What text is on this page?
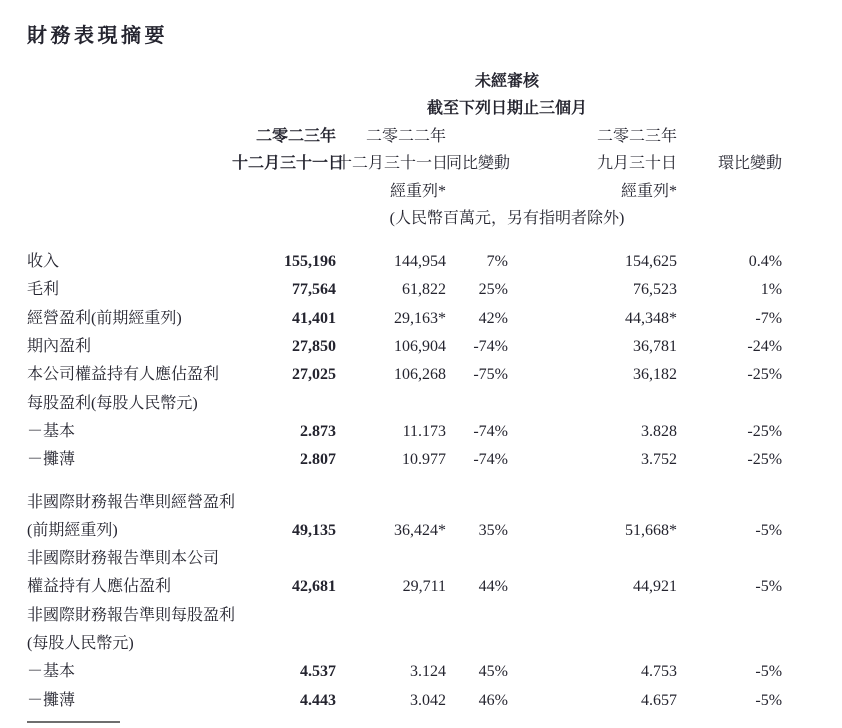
財務表現摘要
	未經審核				
	截至下列日期止三個月				
	二零二三年	二零二二年		二零二三年	
	十二月三十一日	十二月三十一日	同比變動	九月三十日	環比變動
		經重列*		經重列*	
	(人民幣百萬元，另有指明者除外)				

收入	155,196	144,954	7%	154,625	0.4%
毛利	77,564	61,822	25%	76,523	1%
經營盈利(前期經重列)	41,401	29,163*	42%	44,348*	-7%
期內盈利	27,850	106,904	-74%	36,781	-24%
本公司權益持有人應佔盈利	27,025	106,268	-75%	36,182	-25%
每股盈利(每股人民幣元)					
－基本	2.873	11.173	-74%	3.828	-25%
－攤薄	2.807	10.977	-74%	3.752	-25%

非國際財務報告準則經營盈利					
(前期經重列)	49,135	36,424*	35%	51,668*	-5%
非國際財務報告準則本公司					
權益持有人應佔盈利	42,681	29,711	44%	44,921	-5%
非國際財務報告準則每股盈利					
(每股人民幣元)					
－基本	4.537	3.124	45%	4.753	-5%
－攤薄	4.443	3.042	46%	4.657	-5%
